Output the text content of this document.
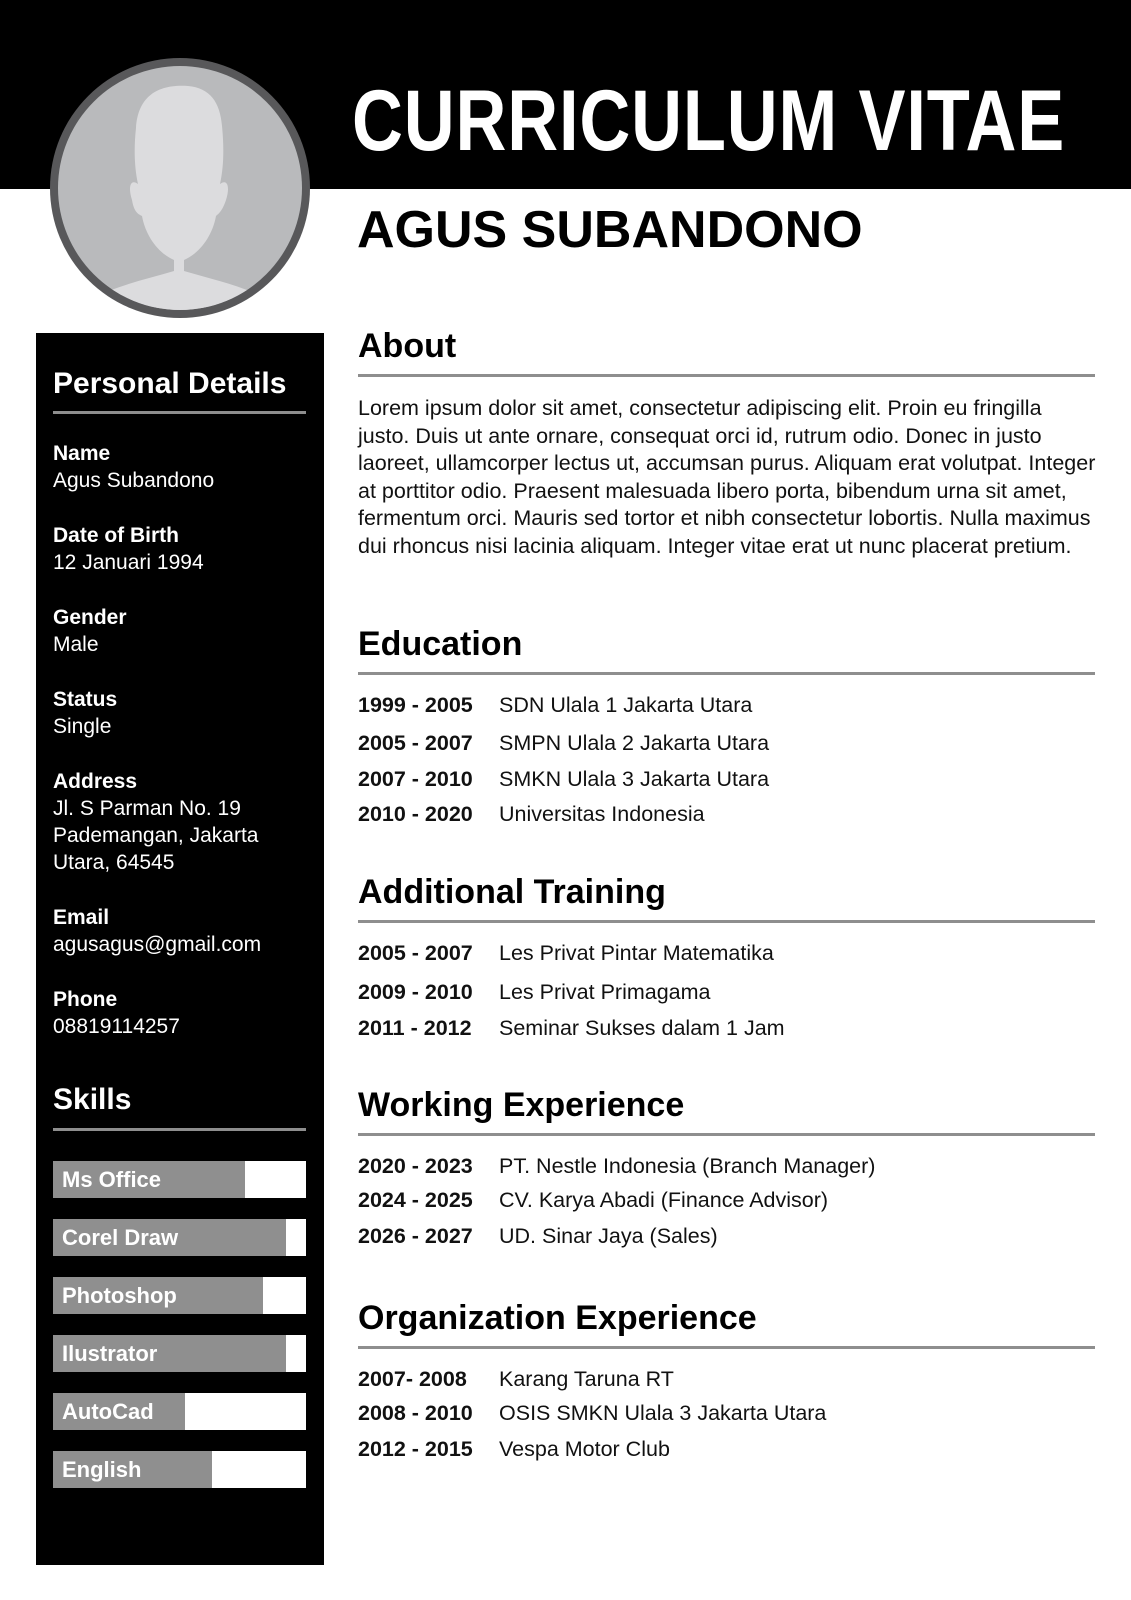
CURRICULUM VITAE
AGUS SUBANDONO
Personal Details
Name
Agus Subandono
Date of Birth
12 Januari 1994
Gender
Male
Status
Single
Address
Jl. S Parman No. 19
Pademangan, Jakarta
Utara, 64545
Email
agusagus@gmail.com
Phone
08819114257
Skills
Ms Office
Corel Draw
Photoshop
Ilustrator
AutoCad
English
About

Lorem ipsum dolor sit amet, consectetur adipiscing elit. Proin eu fringilla justo. Duis ut ante ornare, consequat orci id, rutrum odio. Donec in justo laoreet, ullamcorper lectus ut, accumsan purus. Aliquam erat volutpat. Integer at porttitor odio. Praesent malesuada libero porta, bibendum urna sit amet, fermentum orci. Mauris sed tortor et nibh consectetur lobortis. Nulla maximus dui rhoncus nisi lacinia aliquam. Integer vitae erat ut nunc placerat pretium.

Education
1999 - 2005 SDN Ulala 1 Jakarta Utara
2005 - 2007 SMPN Ulala 2 Jakarta Utara
2007 - 2010 SMKN Ulala 3 Jakarta Utara
2010 - 2020 Universitas Indonesia
Additional Training
2005 - 2007 Les Privat Pintar Matematika
2009 - 2010 Les Privat Primagama
2011 - 2012 Seminar Sukses dalam 1 Jam
Working Experience
2020 - 2023 PT. Nestle Indonesia (Branch Manager)
2024 - 2025 CV. Karya Abadi (Finance Advisor)
2026 - 2027 UD. Sinar Jaya (Sales)
Organization Experience
2007- 2008 Karang Taruna RT
2008 - 2010 OSIS SMKN Ulala 3 Jakarta Utara
2012 - 2015 Vespa Motor Club
